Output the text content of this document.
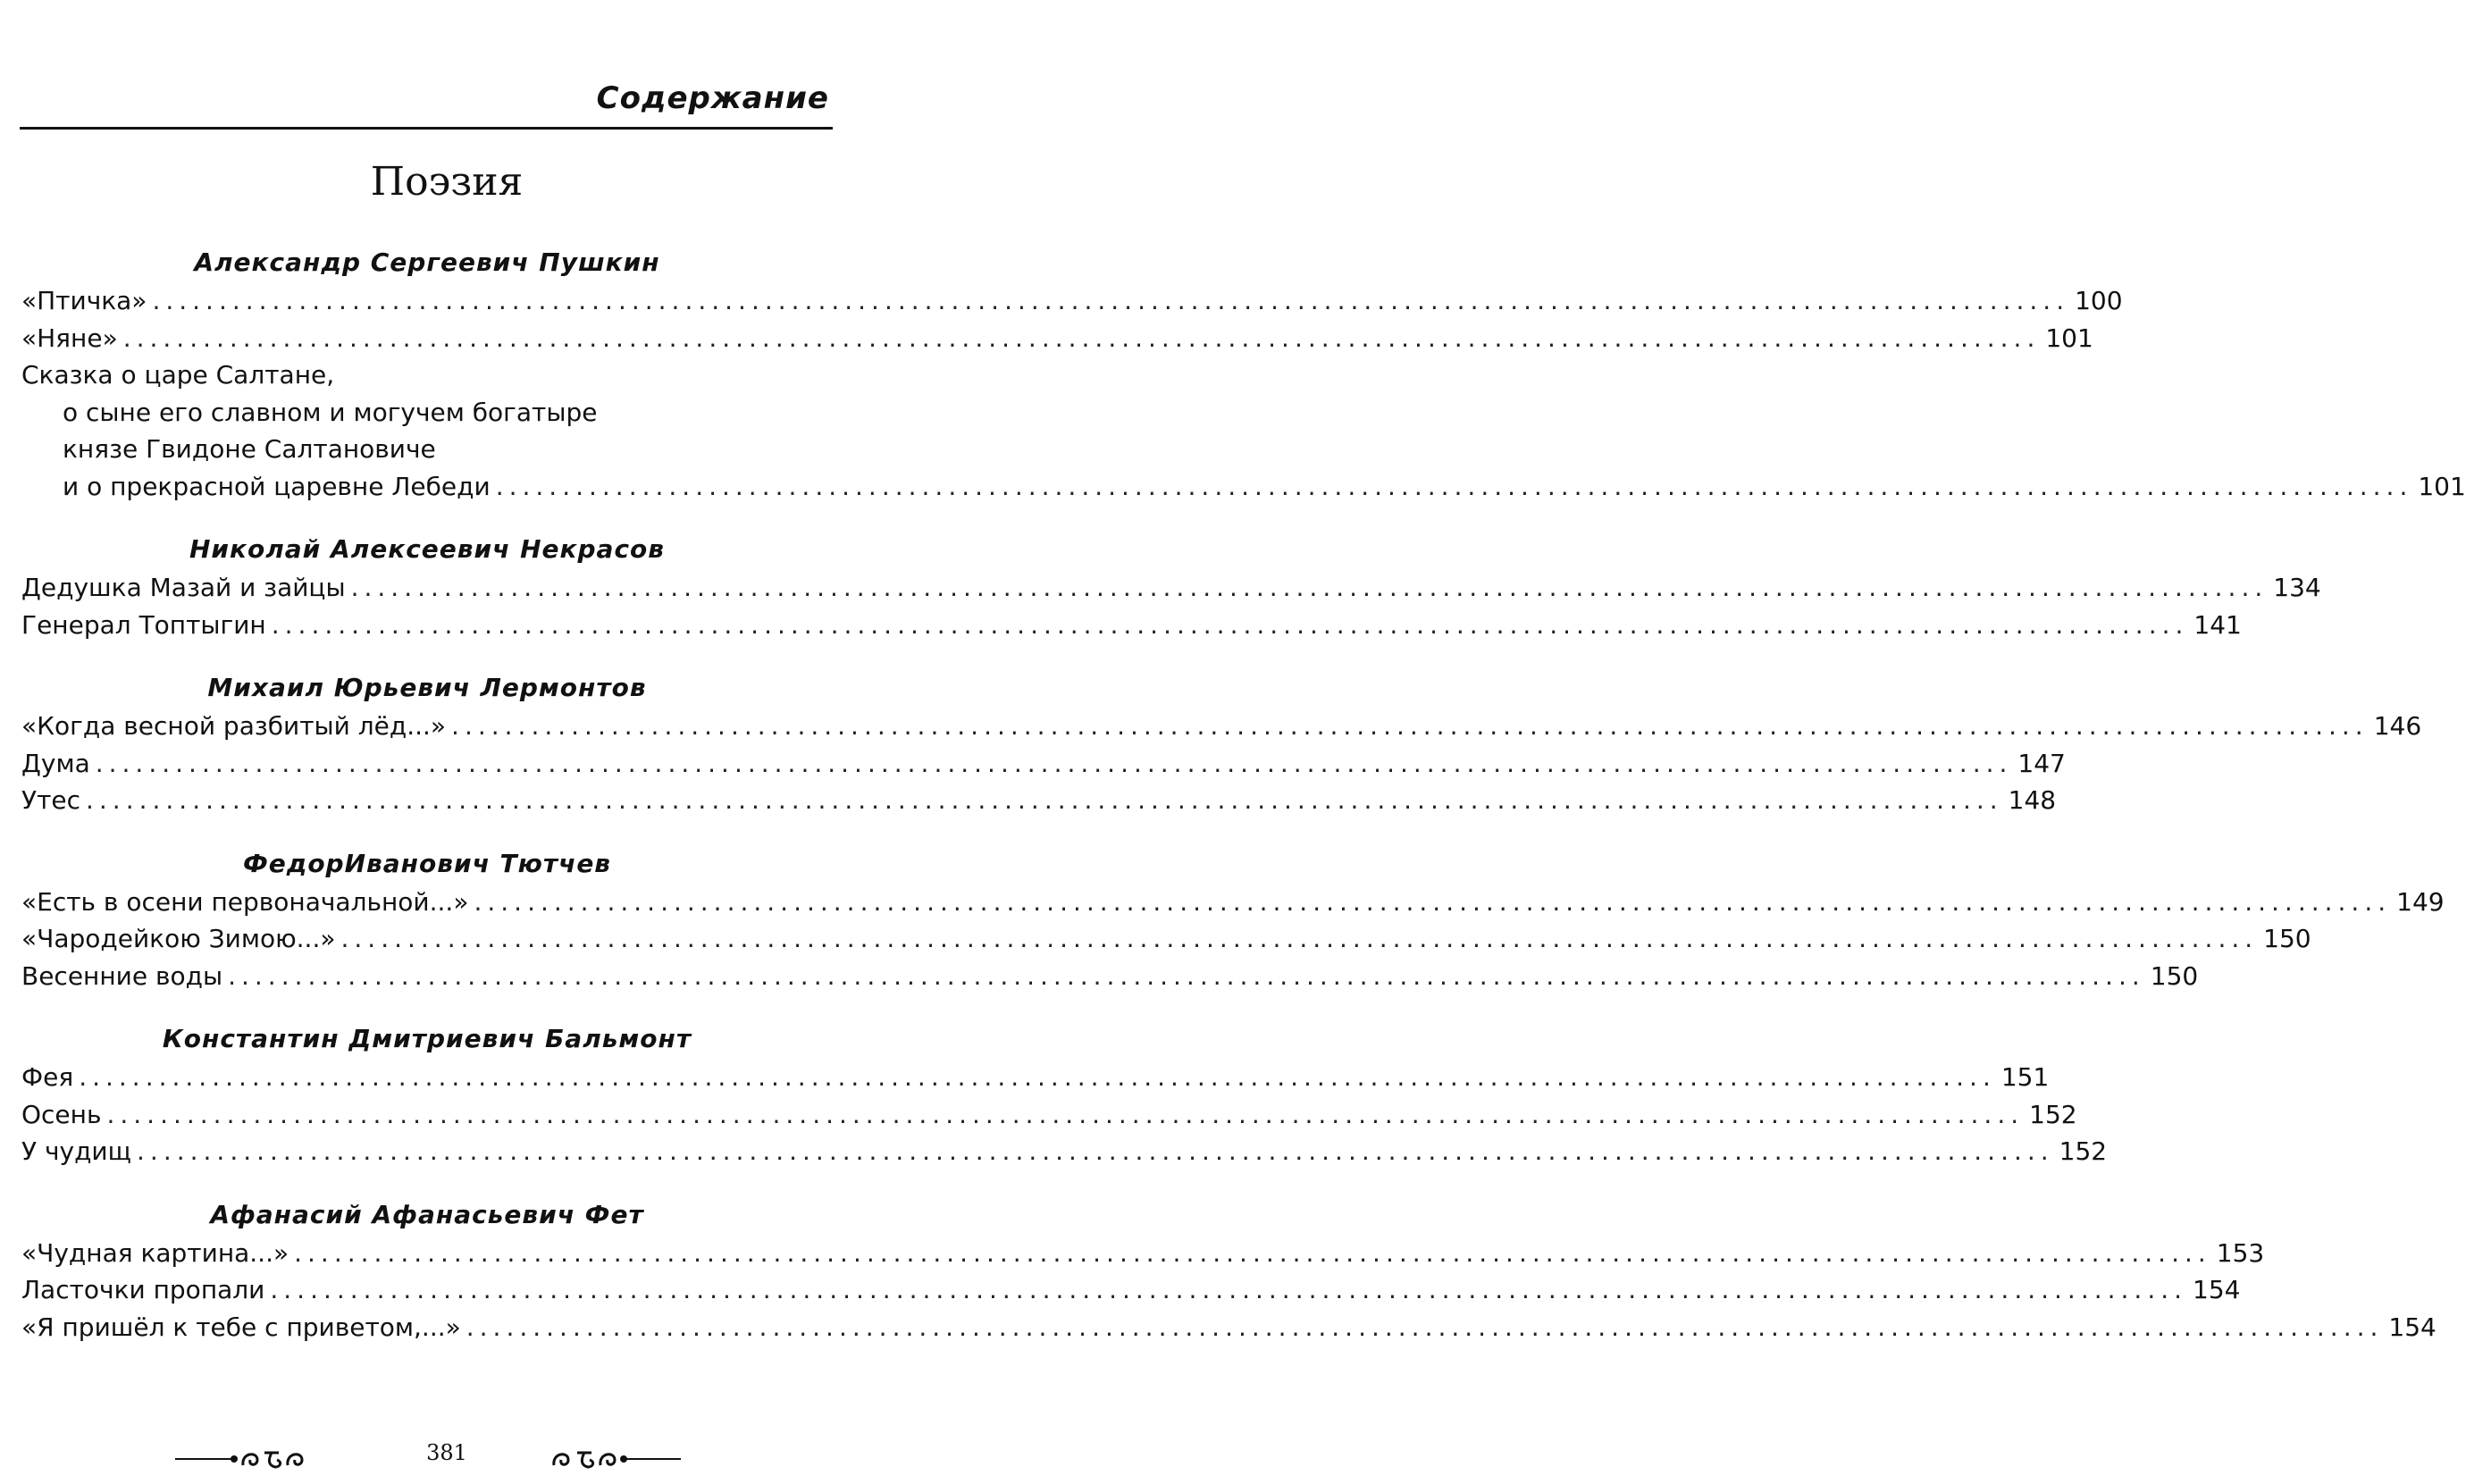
Содержание
Поэзия
Александр Сергеевич Пушкин
«Птичка» ................................................................................................................................................ 100
«Няне» ................................................................................................................................................ 101
Сказка о царе Салтане,
о сыне его славном и могучем богатыре
князе Гвидоне Салтановиче
и о прекрасной царевне Лебеди ................................................................................................................................................ 101
Николай Алексеевич Некрасов
Дедушка Мазай и зайцы ................................................................................................................................................ 134
Генерал Топтыгин ................................................................................................................................................ 141
Михаил Юрьевич Лермонтов
«Когда весной разбитый лёд...» ................................................................................................................................................ 146
Дума ................................................................................................................................................ 147
Утес ................................................................................................................................................ 148
ФедорИванович Тютчев
«Есть в осени первоначальной...» ................................................................................................................................................ 149
«Чародейкою Зимою...» ................................................................................................................................................ 150
Весенние воды ................................................................................................................................................ 150
Константин Дмитриевич Бальмонт
Фея ................................................................................................................................................ 151
Осень ................................................................................................................................................ 152
У чудищ ................................................................................................................................................ 152
Афанасий Афанасьевич Фет
«Чудная картина...» ................................................................................................................................................ 153
Ласточки пропали ................................................................................................................................................ 154
«Я пришёл к тебе с приветом,...» ................................................................................................................................................ 154
381
